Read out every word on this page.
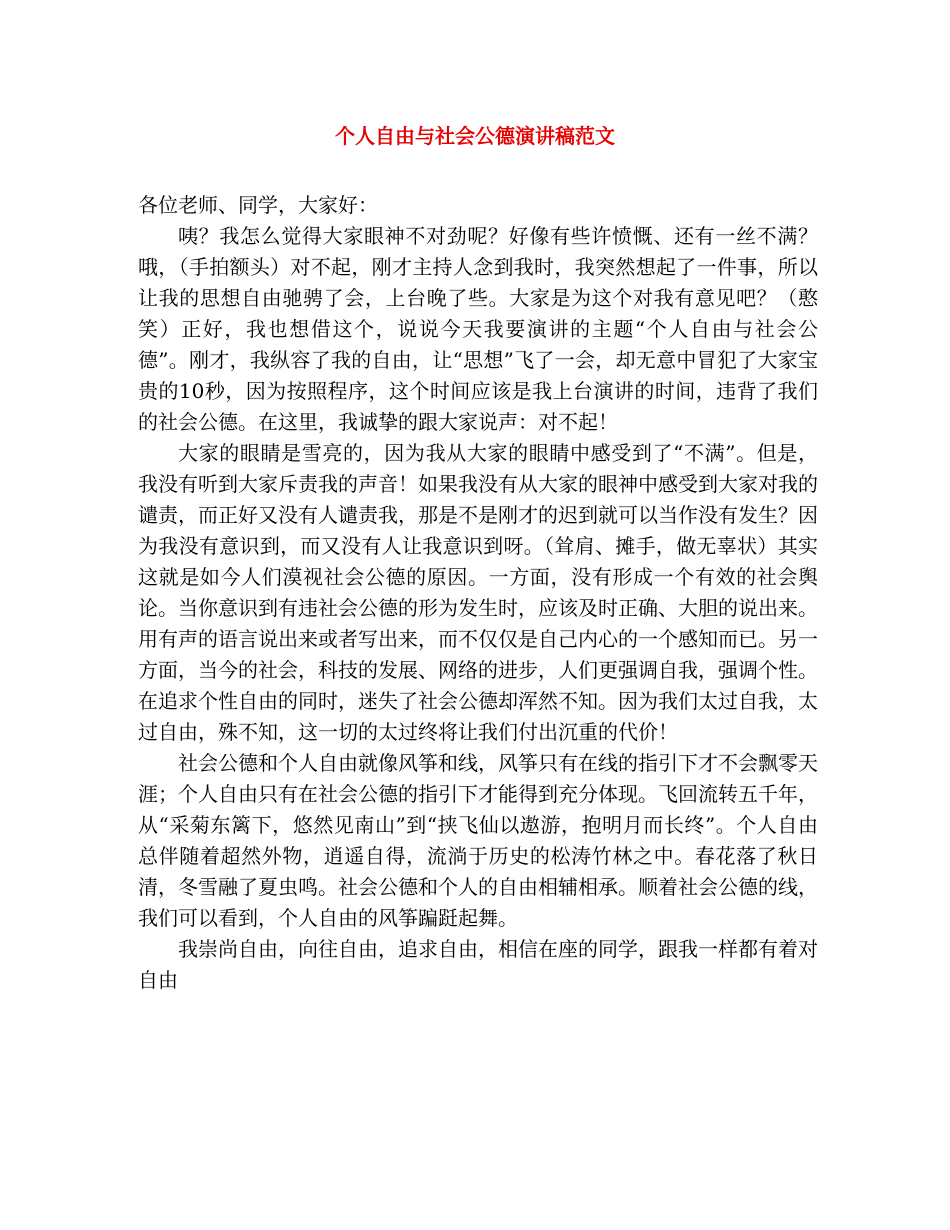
个人自由与社会公德演讲稿范文

各位老师、同学，大家好：

咦？我怎么觉得大家眼神不对劲呢？好像有些许愤慨、还有一丝不满？哦，（手拍额头）对不起，刚才主持人念到我时，我突然想起了一件事，所以让我的思想自由驰骋了会，上台晚了些。大家是为这个对我有意见吧？（憨笑）正好，我也想借这个，说说今天我要演讲的主题“个人自由与社会公德”。刚才，我纵容了我的自由，让“思想”飞了一会，却无意中冒犯了大家宝贵的10秒，因为按照程序，这个时间应该是我上台演讲的时间，违背了我们的社会公德。在这里，我诚挚的跟大家说声：对不起！

大家的眼睛是雪亮的，因为我从大家的眼睛中感受到了“不满”。但是，我没有听到大家斥责我的声音！如果我没有从大家的眼神中感受到大家对我的谴责，而正好又没有人谴责我，那是不是刚才的迟到就可以当作没有发生？因为我没有意识到，而又没有人让我意识到呀。（耸肩、摊手，做无辜状）其实这就是如今人们漠视社会公德的原因。一方面，没有形成一个有效的社会舆论。当你意识到有违社会公德的形为发生时，应该及时正确、大胆的说出来。用有声的语言说出来或者写出来，而不仅仅是自己内心的一个感知而已。另一方面，当今的社会，科技的发展、网络的进步，人们更强调自我，强调个性。在追求个性自由的同时，迷失了社会公德却浑然不知。因为我们太过自我，太过自由，殊不知，这一切的太过终将让我们付出沉重的代价！

社会公德和个人自由就像风筝和线，风筝只有在线的指引下才不会飘零天涯；个人自由只有在社会公德的指引下才能得到充分体现。飞回流转五千年，从“采菊东篱下，悠然见南山”到“挟飞仙以遨游，抱明月而长终”。个人自由总伴随着超然外物，逍遥自得，流淌于历史的松涛竹林之中。春花落了秋日清，冬雪融了夏虫鸣。社会公德和个人的自由相辅相承。顺着社会公德的线，我们可以看到，个人自由的风筝蹁跹起舞。

我崇尚自由，向往自由，追求自由，相信在座的同学，跟我一样都有着对自由
